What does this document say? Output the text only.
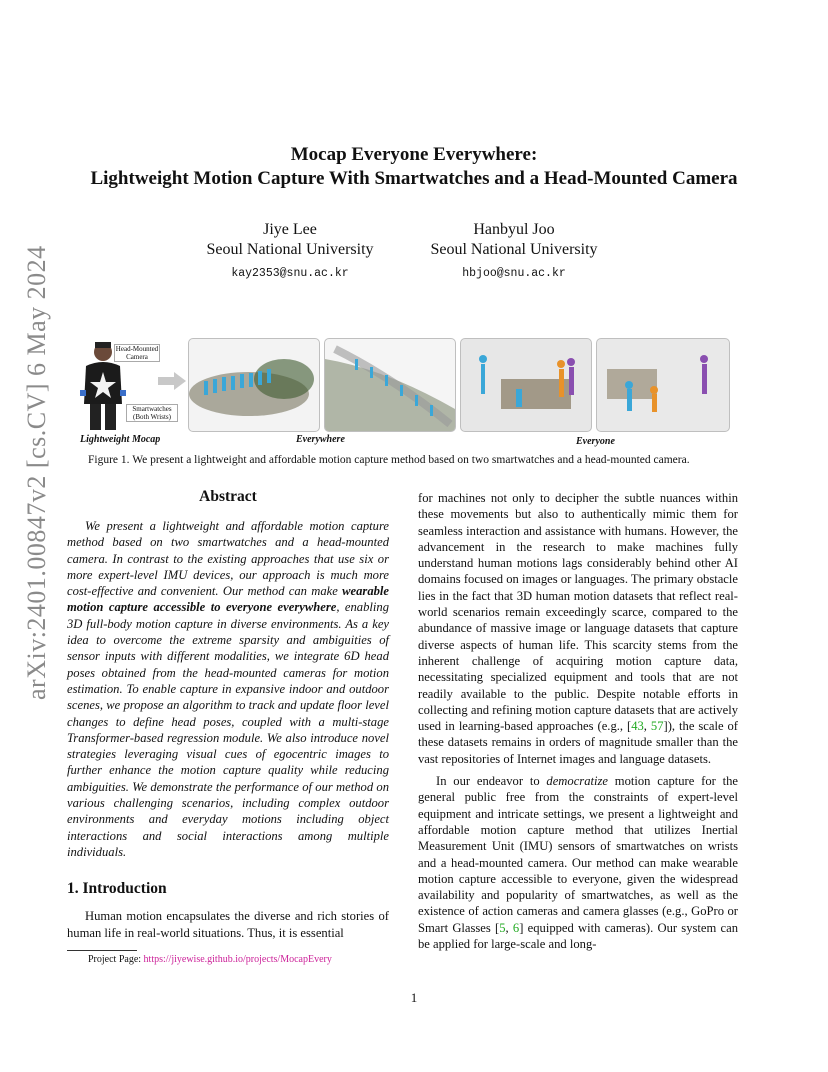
arXiv:2401.00847v2 [cs.CV] 6 May 2024
Mocap Everyone Everywhere:
Lightweight Motion Capture With Smartwatches and a Head-Mounted Camera
Jiye Lee
Seoul National University
kay2353@snu.ac.kr
Hanbyul Joo
Seoul National University
hbjoo@snu.ac.kr
Head-Mounted Camera
Smartwatches (Both Wrists)
Lightweight Mocap	Everywhere	Everyone
Figure 1. We present a lightweight and affordable motion capture method based on two smartwatches and a head-mounted camera.
Abstract
We present a lightweight and affordable motion capture method based on two smartwatches and a head-mounted camera. In contrast to the existing approaches that use six or more expert-level IMU devices, our approach is much more cost-effective and convenient. Our method can make wearable motion capture accessible to everyone everywhere, enabling 3D full-body motion capture in diverse environments. As a key idea to overcome the extreme sparsity and ambiguities of sensor inputs with different modalities, we integrate 6D head poses obtained from the head-mounted cameras for motion estimation. To enable capture in expansive indoor and outdoor scenes, we propose an algorithm to track and update floor level changes to define head poses, coupled with a multi-stage Transformer-based regression module. We also introduce novel strategies leveraging visual cues of egocentric images to further enhance the motion capture quality while reducing ambiguities. We demonstrate the performance of our method on various challenging scenarios, including complex outdoor environments and everyday motions including object interactions and social interactions among multiple individuals.
1. Introduction
Human motion encapsulates the diverse and rich stories of human life in real-world situations. Thus, it is essential
Project Page: https://jiyewise.github.io/projects/MocapEvery
for machines not only to decipher the subtle nuances within these movements but also to authentically mimic them for seamless interaction and assistance with humans. However, the advancement in the research to make machines fully understand human motions lags considerably behind other AI domains focused on images or languages. The primary obstacle lies in the fact that 3D human motion datasets that reflect real-world scenarios remain exceedingly scarce, compared to the abundance of massive image or language datasets that capture diverse aspects of human life. This scarcity stems from the inherent challenge of acquiring motion capture data, necessitating specialized equipment and tools that are not readily available to the public. Despite notable efforts in collecting and refining motion capture datasets that are actively used in learning-based approaches (e.g., [43, 57]), the scale of these datasets remains in orders of magnitude smaller than the vast repositories of Internet images and language datasets.
In our endeavor to democratize motion capture for the general public free from the constraints of expert-level equipment and intricate settings, we present a lightweight and affordable motion capture method that utilizes Inertial Measurement Unit (IMU) sensors of smartwatches on wrists and a head-mounted camera. Our method can make wearable motion capture accessible to everyone, given the widespread availability and popularity of smartwatches, as well as the existence of action cameras and camera glasses (e.g., GoPro or Smart Glasses [5, 6] equipped with cameras). Our system can be applied for large-scale and long-
1
